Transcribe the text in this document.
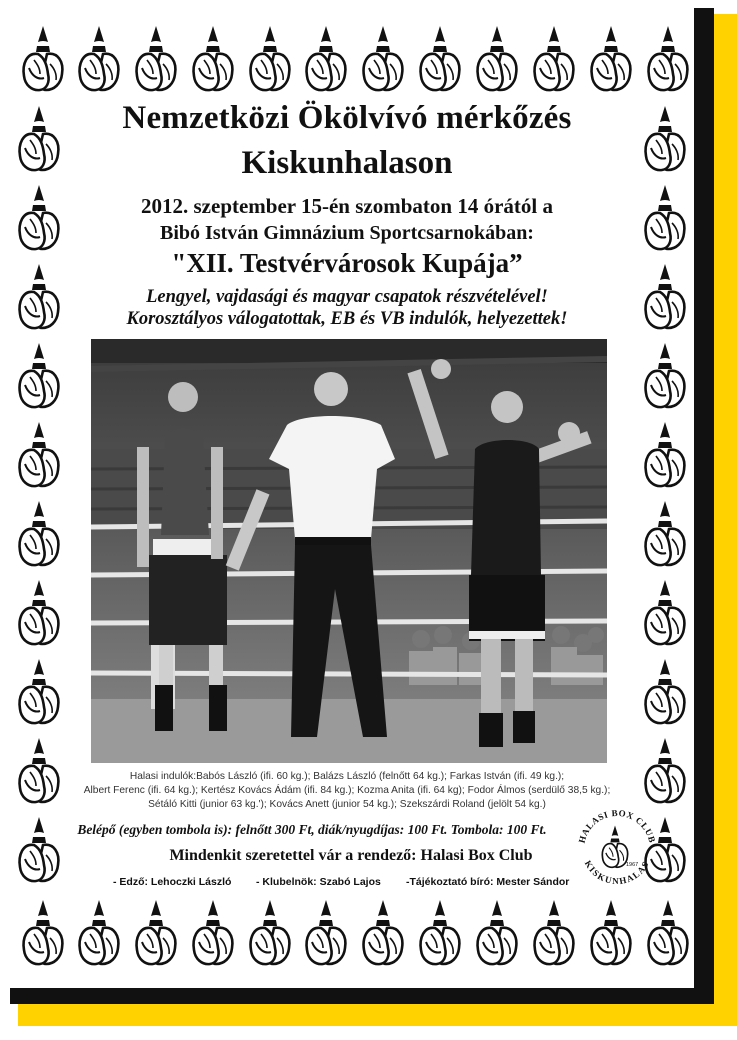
Nemzetközi Ökölvívó mérkőzés
Kiskunhalason

2012. szeptember 15-én szombaton 14 órától a

Bibó István Gimnázium Sportcsarnokában:

"XII. Testvérvárosok Kupája”

Lengyel, vajdasági és magyar csapatok részvételével!

Korosztályos válogatottak, EB és VB indulók, helyezettek!

Halasi indulók:Babós László (ifi. 60 kg.); Balázs László (felnőtt 64 kg.); Farkas István (ifi. 49 kg.);

Albert Ferenc (ifi. 64 kg.); Kertész Kovács Ádám (ifi. 84 kg.); Kozma Anita (ifi. 64 kg); Fodor Álmos (serdülő 38,5 kg.);

Sétáló Kitti (junior 63 kg.'); Kovács Anett (junior 54 kg.); Szekszárdi Roland (jelölt 54 kg.)

Belépő (egyben tombola is): felnőtt 300 Ft, diák/nyugdíjas: 100 Ft. Tombola: 100 Ft.

Mindenkit szeretettel vár a rendező: Halasi Box Club

- Edző: Lehoczki László - Klubelnök: Szabó Lajos -Tájékoztató bíró: Mester Sándor

HALASI BOX CLUB
KISKUNHALAS
1967
